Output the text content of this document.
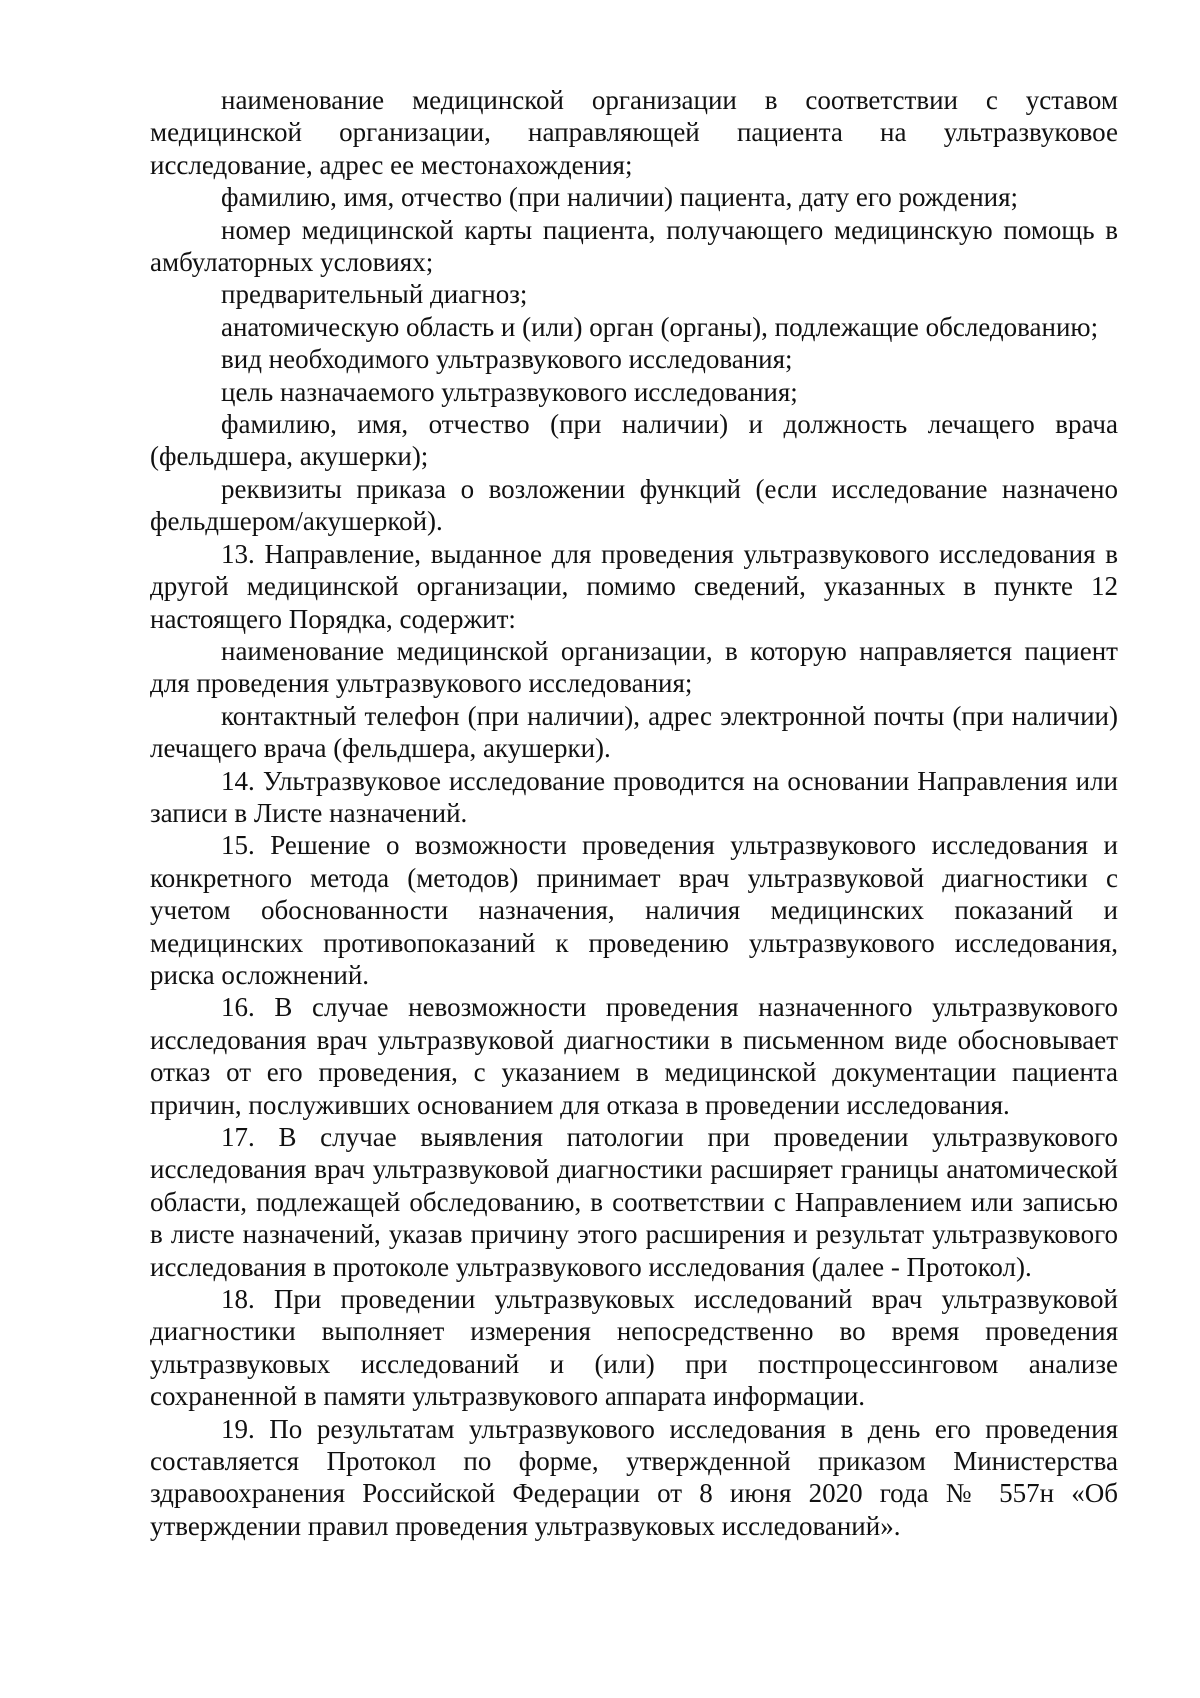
наименование медицинской организации в соответствии с уставом медицинской организации, направляющей пациента на ультразвуковое исследование, адрес ее местонахождения;

фамилию, имя, отчество (при наличии) пациента, дату его рождения;

номер медицинской карты пациента, получающего медицинскую помощь в амбулаторных условиях;

предварительный диагноз;

анатомическую область и (или) орган (органы), подлежащие обследованию;

вид необходимого ультразвукового исследования;

цель назначаемого ультразвукового исследования;

фамилию, имя, отчество (при наличии) и должность лечащего врача (фельдшера, акушерки);

реквизиты приказа о возложении функций (если исследование назначено фельдшером/акушеркой).

13. Направление, выданное для проведения ультразвукового исследования в другой медицинской организации, помимо сведений, указанных в пункте 12 настоящего Порядка, содержит:

наименование медицинской организации, в которую направляется пациент для проведения ультразвукового исследования;

контактный телефон (при наличии), адрес электронной почты (при наличии) лечащего врача (фельдшера, акушерки).

14. Ультразвуковое исследование проводится на основании Направления или записи в Листе назначений.

15. Решение о возможности проведения ультразвукового исследования и конкретного метода (методов) принимает врач ультразвуковой диагностики с учетом обоснованности назначения, наличия медицинских показаний и медицинских противопоказаний к проведению ультразвукового исследования, риска осложнений.

16. В случае невозможности проведения назначенного ультразвукового исследования врач ультразвуковой диагностики в письменном виде обосновывает отказ от его проведения, с указанием в медицинской документации пациента причин, послуживших основанием для отказа в проведении исследования.

17. В случае выявления патологии при проведении ультразвукового исследования врач ультразвуковой диагностики расширяет границы анатомической области, подлежащей обследованию, в соответствии с Направлением или записью в листе назначений, указав причину этого расширения и результат ультразвукового исследования в протоколе ультразвукового исследования (далее - Протокол).

18. При проведении ультразвуковых исследований врач ультразвуковой диагностики выполняет измерения непосредственно во время проведения ультразвуковых исследований и (или) при постпроцессинговом анализе сохраненной в памяти ультразвукового аппарата информации.

19. По результатам ультразвукового исследования в день его проведения составляется Протокол по форме, утвержденной приказом Министерства здравоохранения Российской Федерации от 8 июня 2020 года № 557н «Об утверждении правил проведения ультразвуковых исследований».
